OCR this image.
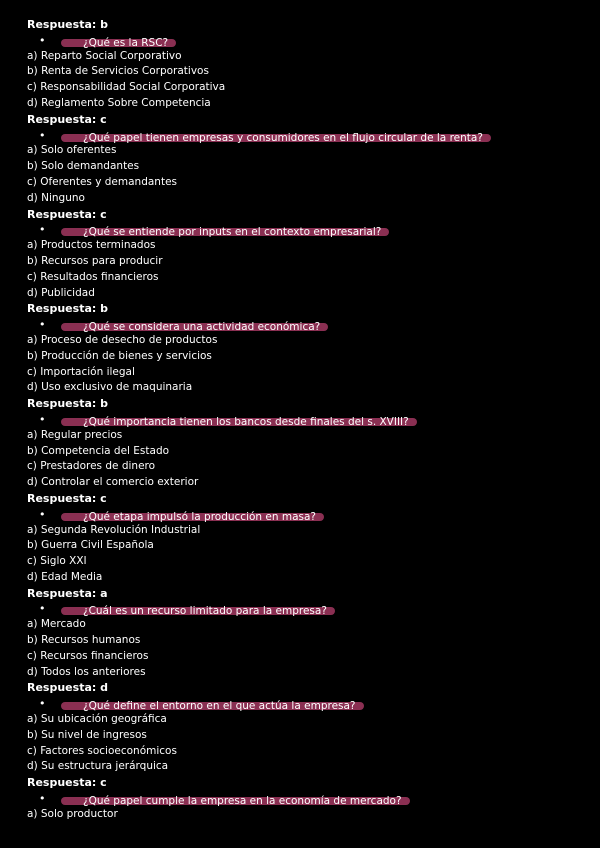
Respuesta: b
•	¿Qué es la RSC?
a) Reparto Social Corporativo
b) Renta de Servicios Corporativos
c) Responsabilidad Social Corporativa
d) Reglamento Sobre Competencia
Respuesta: c
•	¿Qué papel tienen empresas y consumidores en el flujo circular de la renta?
a) Solo oferentes
b) Solo demandantes
c) Oferentes y demandantes
d) Ninguno
Respuesta: c
•	¿Qué se entiende por inputs en el contexto empresarial?
a) Productos terminados
b) Recursos para producir
c) Resultados financieros
d) Publicidad
Respuesta: b
•	¿Qué se considera una actividad económica?
a) Proceso de desecho de productos
b) Producción de bienes y servicios
c) Importación ilegal
d) Uso exclusivo de maquinaria
Respuesta: b
•	¿Qué importancia tienen los bancos desde finales del s. XVIII?
a) Regular precios
b) Competencia del Estado
c) Prestadores de dinero
d) Controlar el comercio exterior
Respuesta: c
•	¿Qué etapa impulsó la producción en masa?
a) Segunda Revolución Industrial
b) Guerra Civil Española
c) Siglo XXI
d) Edad Media
Respuesta: a
•	¿Cuál es un recurso limitado para la empresa?
a) Mercado
b) Recursos humanos
c) Recursos financieros
d) Todos los anteriores
Respuesta: d
•	¿Qué define el entorno en el que actúa la empresa?
a) Su ubicación geográfica
b) Su nivel de ingresos
c) Factores socioeconómicos
d) Su estructura jerárquica
Respuesta: c
•	¿Qué papel cumple la empresa en la economía de mercado?
a) Solo productor
